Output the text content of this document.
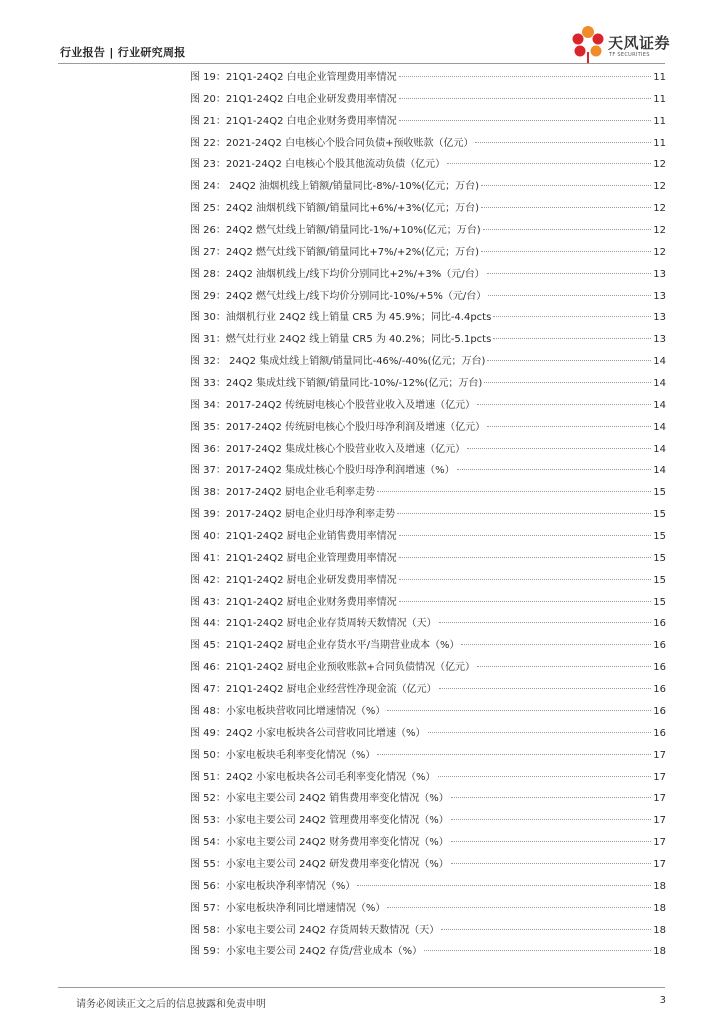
行业报告 | 行业研究周报
天风证券
TF SECURITIES
图 19：21Q1-24Q2 白电企业管理费用率情况	11
图 20：21Q1-24Q2 白电企业研发费用率情况	11
图 21：21Q1-24Q2 白电企业财务费用率情况	11
图 22：2021-24Q2 白电核心个股合同负债+预收账款（亿元）	11
图 23：2021-24Q2 白电核心个股其他流动负债（亿元）	12
图 24： 24Q2 油烟机线上销额/销量同比-8%/-10%(亿元；万台)	12
图 25：24Q2 油烟机线下销额/销量同比+6%/+3%(亿元；万台)	12
图 26：24Q2 燃气灶线上销额/销量同比-1%/+10%(亿元；万台)	12
图 27：24Q2 燃气灶线下销额/销量同比+7%/+2%(亿元；万台)	12
图 28：24Q2 油烟机线上/线下均价分别同比+2%/+3%（元/台）	13
图 29：24Q2 燃气灶线上/线下均价分别同比-10%/+5%（元/台）	13
图 30：油烟机行业 24Q2 线上销量 CR5 为 45.9%；同比-4.4pcts	13
图 31：燃气灶行业 24Q2 线上销量 CR5 为 40.2%；同比-5.1pcts	13
图 32： 24Q2 集成灶线上销额/销量同比-46%/-40%(亿元；万台)	14
图 33：24Q2 集成灶线下销额/销量同比-10%/-12%(亿元；万台)	14
图 34：2017-24Q2 传统厨电核心个股营业收入及增速（亿元）	14
图 35：2017-24Q2 传统厨电核心个股归母净利润及增速（亿元）	14
图 36：2017-24Q2 集成灶核心个股营业收入及增速（亿元）	14
图 37：2017-24Q2 集成灶核心个股归母净利润增速（%）	14
图 38：2017-24Q2 厨电企业毛利率走势	15
图 39：2017-24Q2 厨电企业归母净利率走势	15
图 40：21Q1-24Q2 厨电企业销售费用率情况	15
图 41：21Q1-24Q2 厨电企业管理费用率情况	15
图 42：21Q1-24Q2 厨电企业研发费用率情况	15
图 43：21Q1-24Q2 厨电企业财务费用率情况	15
图 44：21Q1-24Q2 厨电企业存货周转天数情况（天）	16
图 45：21Q1-24Q2 厨电企业存货水平/当期营业成本（%）	16
图 46：21Q1-24Q2 厨电企业预收账款+合同负债情况（亿元）	16
图 47：21Q1-24Q2 厨电企业经营性净现金流（亿元）	16
图 48：小家电板块营收同比增速情况（%）	16
图 49：24Q2 小家电板块各公司营收同比增速（%）	16
图 50：小家电板块毛利率变化情况（%）	17
图 51：24Q2 小家电板块各公司毛利率变化情况（%）	17
图 52：小家电主要公司 24Q2 销售费用率变化情况（%）	17
图 53：小家电主要公司 24Q2 管理费用率变化情况（%）	17
图 54：小家电主要公司 24Q2 财务费用率变化情况（%）	17
图 55：小家电主要公司 24Q2 研发费用率变化情况（%）	17
图 56：小家电板块净利率情况（%）	18
图 57：小家电板块净利同比增速情况（%）	18
图 58：小家电主要公司 24Q2 存货周转天数情况（天）	18
图 59：小家电主要公司 24Q2 存货/营业成本（%）	18
请务必阅读正文之后的信息披露和免责申明	3
